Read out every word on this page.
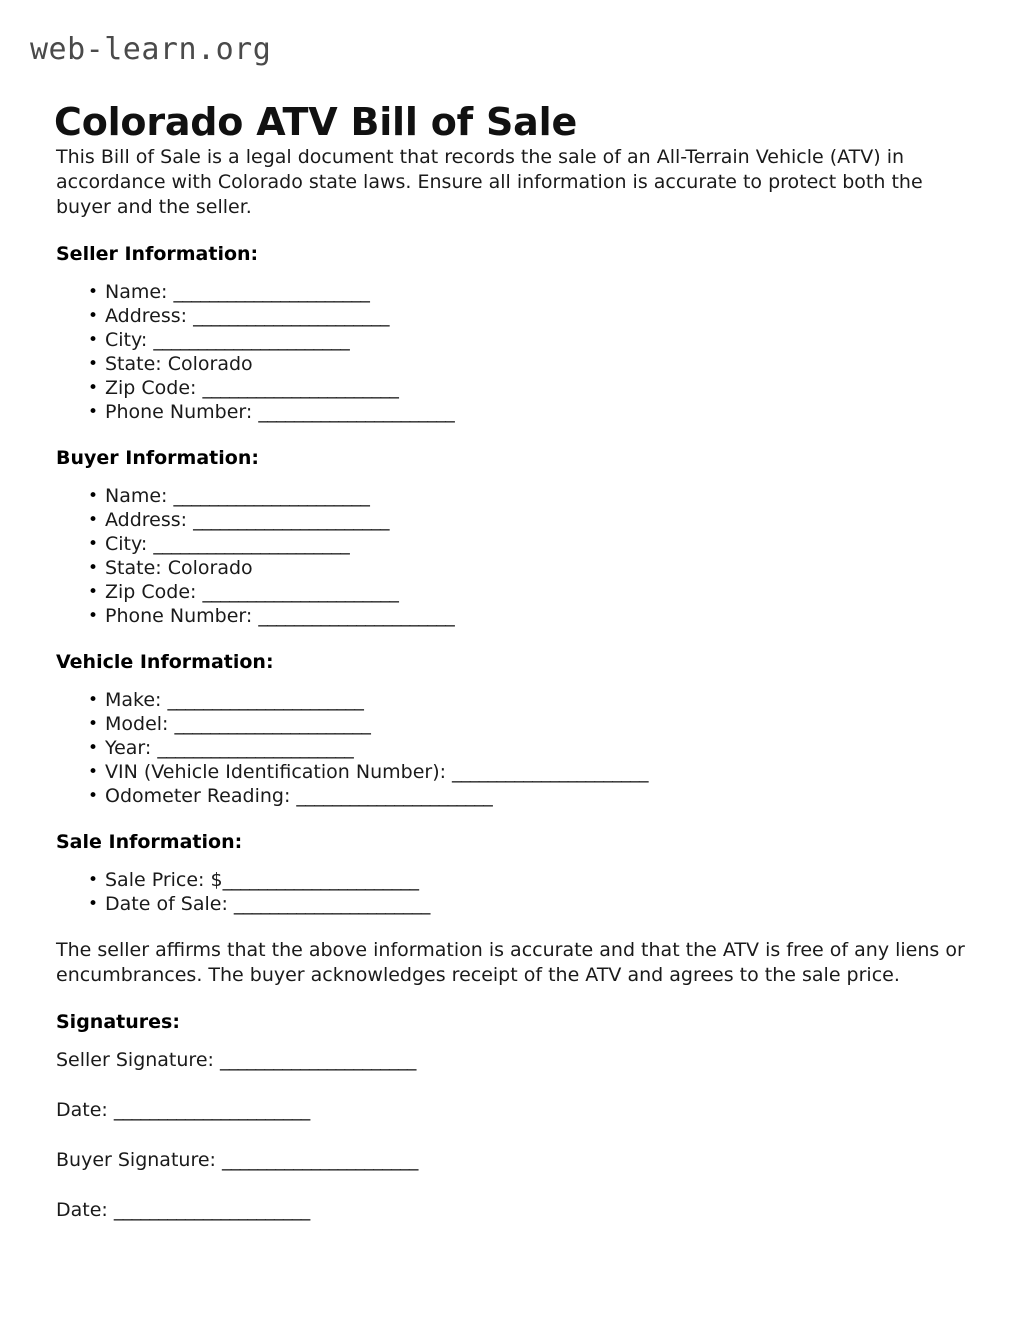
web-learn.org
Colorado ATV Bill of Sale

This Bill of Sale is a legal document that records the sale of an All-Terrain Vehicle (ATV) in accordance with Colorado state laws. Ensure all information is accurate to protect both the buyer and the seller.

Seller Information:
• Name: ______________________
• Address: ______________________
• City: ______________________
• State: Colorado
• Zip Code: ______________________
• Phone Number: ______________________
Buyer Information:
• Name: ______________________
• Address: ______________________
• City: ______________________
• State: Colorado
• Zip Code: ______________________
• Phone Number: ______________________
Vehicle Information:
• Make: ______________________
• Model: ______________________
• Year: ______________________
• VIN (Vehicle Identification Number): ______________________
• Odometer Reading: ______________________
Sale Information:
• Sale Price: $______________________
• Date of Sale: ______________________

The seller affirms that the above information is accurate and that the ATV is free of any liens or encumbrances. The buyer acknowledges receipt of the ATV and agrees to the sale price.

Signatures:

Seller Signature: ______________________

Date: ______________________

Buyer Signature: ______________________

Date: ______________________
